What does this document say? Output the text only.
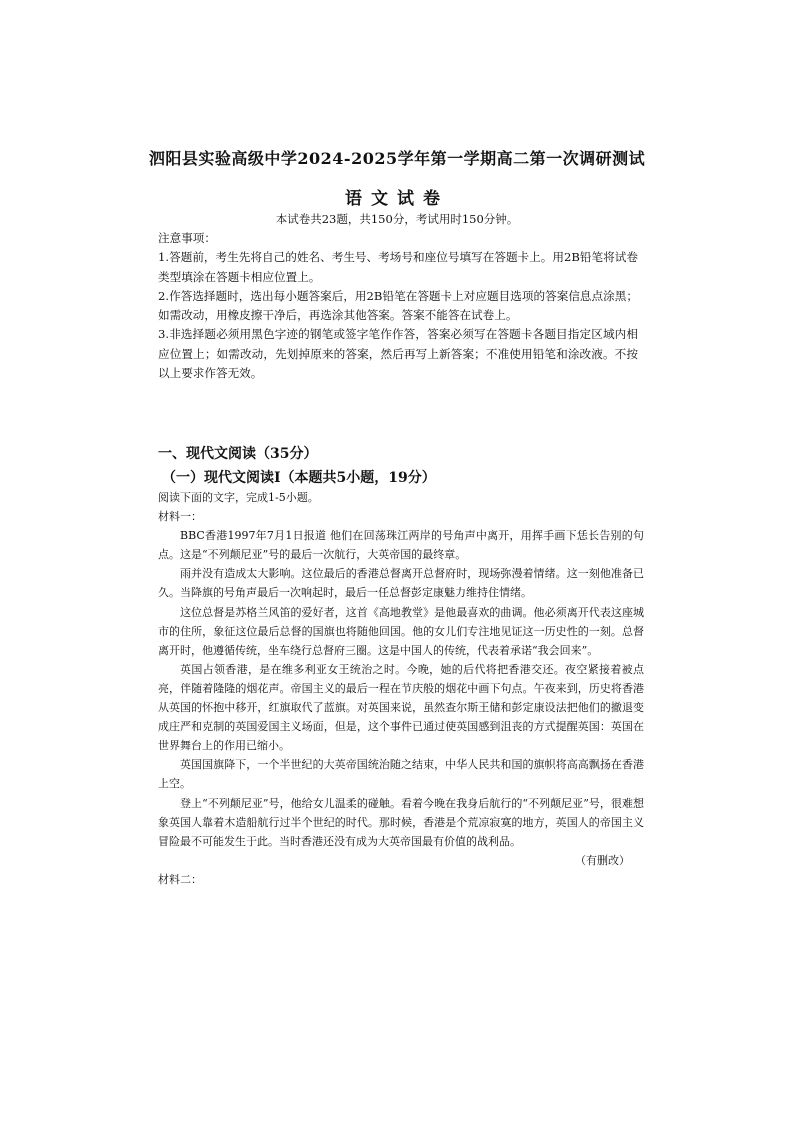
泗阳县实验高级中学2024-2025学年第一学期高二第一次调研测试
语文试卷
本试卷共23题，共150分，考试用时150分钟。

注意事项：

1.答题前，考生先将自己的姓名、考生号、考场号和座位号填写在答题卡上。用2B铅笔将试卷类型填涂在答题卡相应位置上。

2.作答选择题时，选出每小题答案后，用2B铅笔在答题卡上对应题目选项的答案信息点涂黑；如需改动，用橡皮擦干净后，再选涂其他答案。答案不能答在试卷上。

3.非选择题必须用黑色字迹的钢笔或签字笔作作答，答案必须写在答题卡各题目指定区域内相应位置上；如需改动，先划掉原来的答案，然后再写上新答案；不准使用铅笔和涂改液。不按以上要求作答无效。

一、现代文阅读（35分）
（一）现代文阅读Ⅰ（本题共5小题，19分）

阅读下面的文字，完成1-5小题。

材料一：

BBC香港1997年7月1日报道 他们在回荡珠江两岸的号角声中离开，用挥手画下恁长告别的句点。这是“不列颠尼亚”号的最后一次航行，大英帝国的最终章。

雨并没有造成太大影响。这位最后的香港总督离开总督府时，现场弥漫着情绪。这一刻他准备已久。当降旗的号角声最后一次响起时，最后一任总督彭定康魅力维持住情绪。

这位总督是苏格兰风笛的爱好者，这首《高地教堂》是他最喜欢的曲调。他必须离开代表这座城市的住所，象征这位最后总督的国旗也将随他回国。他的女儿们专注地见证这一历史性的一刻。总督离开时，他遵循传统，坐车绕行总督府三圈。这是中国人的传统，代表着承诺“我会回来”。

英国占领香港，是在维多利亚女王统治之时。今晚，她的后代将把香港交还。夜空紧接着被点亮，伴随着隆隆的烟花声。帝国主义的最后一程在节庆般的烟花中画下句点。午夜来到，历史将香港从英国的怀抱中移开，红旗取代了蓝旗。对英国来说，虽然查尔斯王储和彭定康设法把他们的撤退变成庄严和克制的英国爱国主义场面，但是，这个事件已通过使英国感到沮丧的方式提醒英国：英国在世界舞台上的作用已缩小。

英国国旗降下，一个半世纪的大英帝国统治随之结束，中华人民共和国的旗帜将高高飘扬在香港上空。

登上“不列颠尼亚”号，他给女儿温柔的碰触。看着今晚在我身后航行的“不列颠尼亚”号，很难想象英国人靠着木造船航行过半个世纪的时代。那时候，香港是个荒凉寂寞的地方，英国人的帝国主义冒险最不可能发生于此。当时香港还没有成为大英帝国最有价值的战利品。

（有删改）

材料二：
